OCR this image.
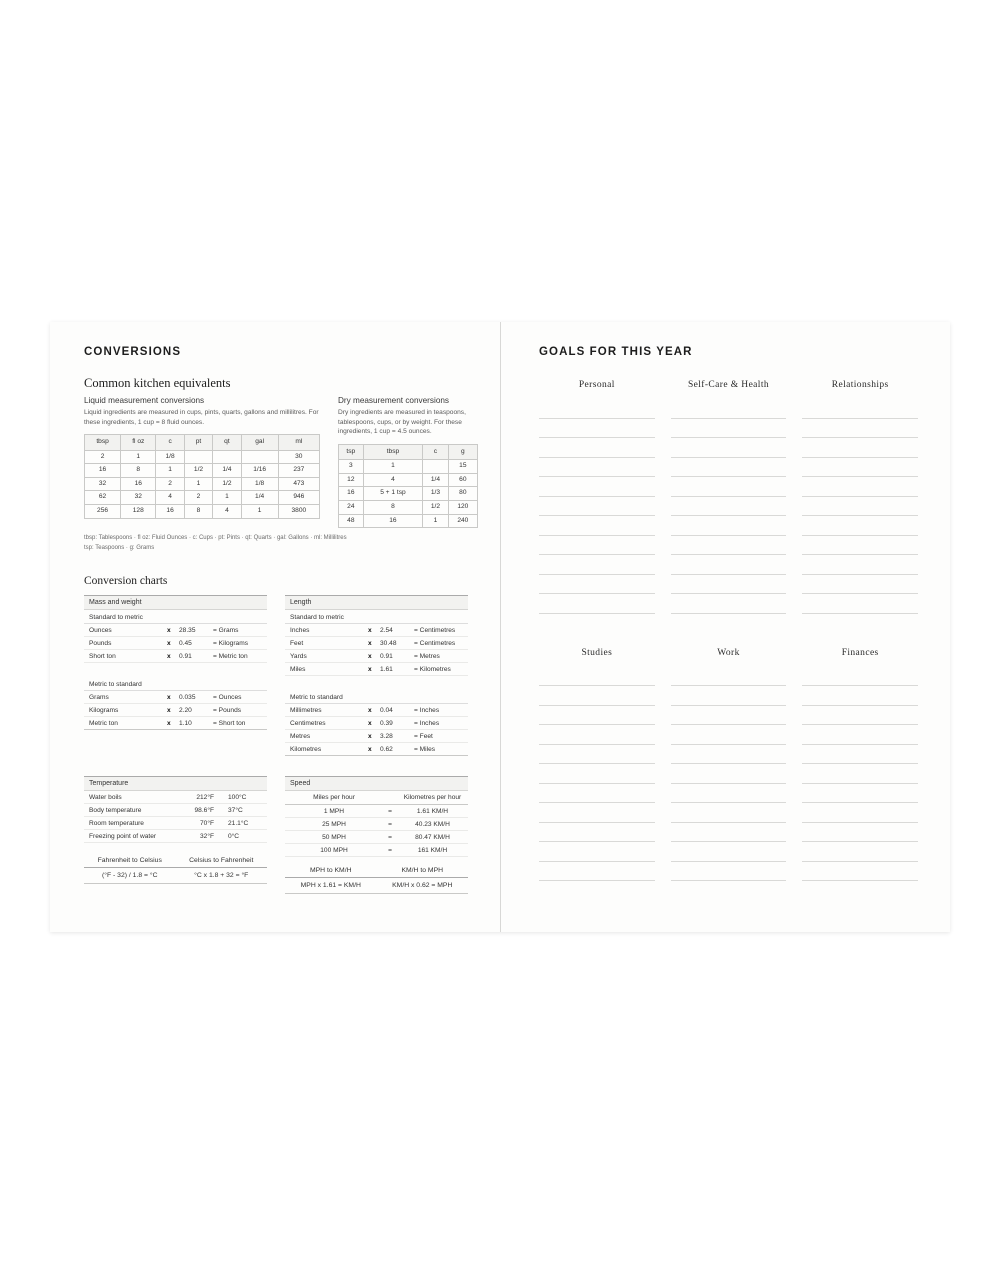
CONVERSIONS
Common kitchen equivalents

Liquid measurement conversions

Liquid ingredients are measured in cups, pints, quarts, gallons and millilitres. For these ingredients, 1 cup = 8 fluid ounces.

tbsp	fl oz	c	pt	qt	gal	ml
2	1	1/8				30
16	8	1	1/2	1/4	1/16	237
32	16	2	1	1/2	1/8	473
62	32	4	2	1	1/4	946
256	128	16	8	4	1	3800

Dry measurement conversions

Dry ingredients are measured in teaspoons, tablespoons, cups, or by weight. For these ingredients, 1 cup = 4.5 ounces.

tsp	tbsp	c	g
3	1		15
12	4	1/4	60
16	5 + 1 tsp	1/3	80
24	8	1/2	120
48	16	1	240
tbsp: Tablespoons · fl oz: Fluid Ounces · c: Cups · pt: Pints · qt: Quarts · gal: Gallons · ml: Millilitres
tsp: Teaspoons · g: Grams
Conversion charts
Mass and weight
Standard to metric
Ounces	x	28.35	= Grams
Pounds	x	0.45	= Kilograms
Short ton	x	0.91	= Metric ton
Metric to standard
Grams	x	0.035	= Ounces
Kilograms	x	2.20	= Pounds
Metric ton	x	1.10	= Short ton
Length
Standard to metric
Inches	x	2.54	= Centimetres
Feet	x	30.48	= Centimetres
Yards	x	0.91	= Metres
Miles	x	1.61	= Kilometres
Metric to standard
Millimetres	x	0.04	= Inches
Centimetres	x	0.39	= Inches
Metres	x	3.28	= Feet
Kilometres	x	0.62	= Miles
Temperature
Water boils	212°F	100°C
Body temperature	98.6°F	37°C
Room temperature	70°F	21.1°C
Freezing point of water	32°F	0°C
Fahrenheit to Celsius
(°F - 32) / 1.8 = °C
Celsius to Fahrenheit
°C x 1.8 + 32 = °F
Speed
Miles per hour	Kilometres per hour
1 MPH	=	1.61 KM/H
25 MPH	=	40.23 KM/H
50 MPH	=	80.47 KM/H
100 MPH	=	161 KM/H
MPH to KM/H
MPH x 1.61 = KM/H
KM/H to MPH
KM/H x 0.62 = MPH
GOALS FOR THIS YEAR
Personal	Self-Care & Health	Relationships
Studies	Work	Finances
